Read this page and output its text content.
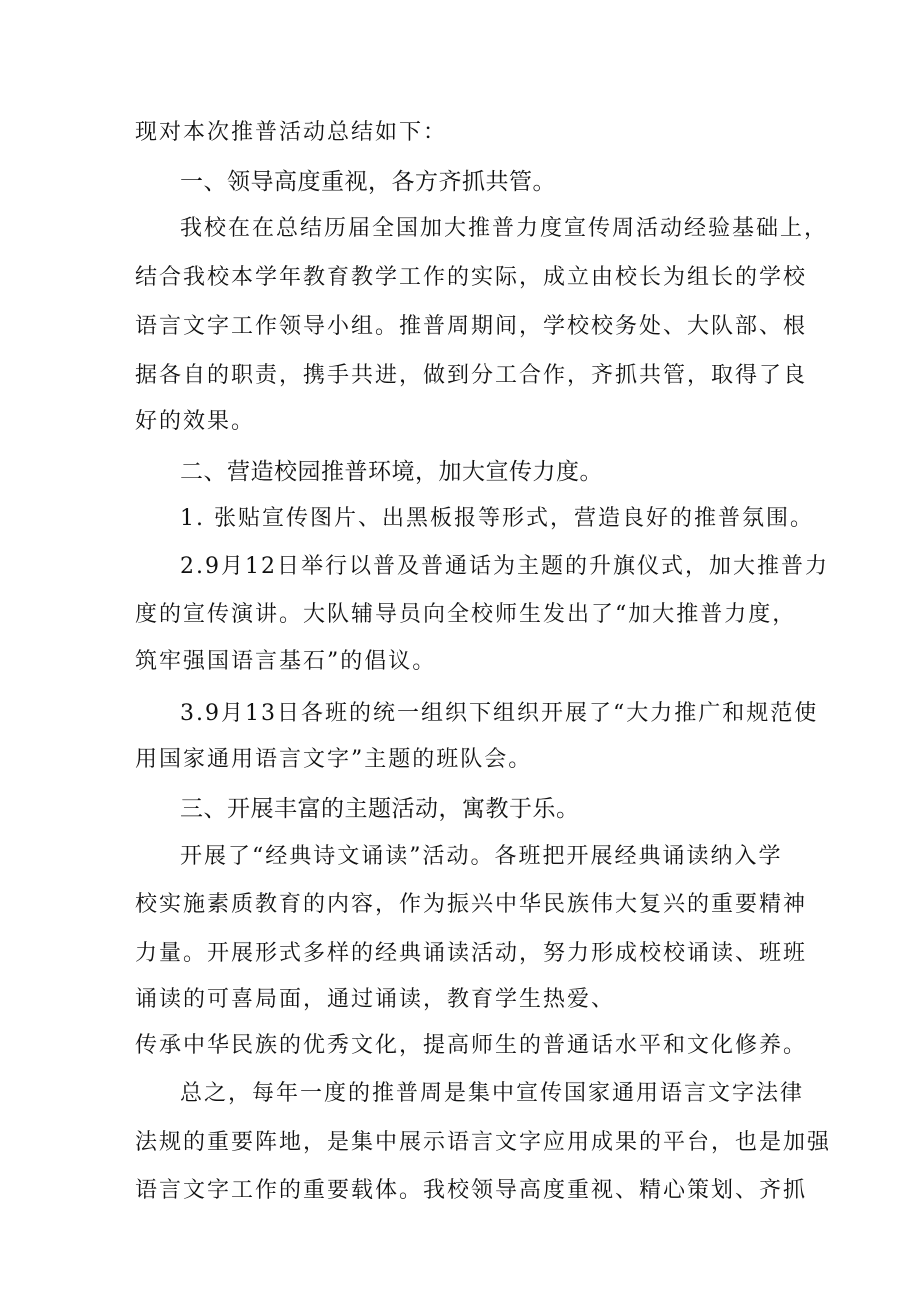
现对本次推普活动总结如下：
一、领导高度重视，各方齐抓共管。
我校在在总结历届全国加大推普力度宣传周活动经验基础上，
结合我校本学年教育教学工作的实际，成立由校长为组长的学校
语言文字工作领导小组。推普周期间，学校校务处、大队部、根
据各自的职责，携手共进，做到分工合作，齐抓共管，取得了良
好的效果。
二、营造校园推普环境，加大宣传力度。
1. 张贴宣传图片、出黑板报等形式，营造良好的推普氛围。
2.9月12日举行以普及普通话为主题的升旗仪式，加大推普力
度的宣传演讲。大队辅导员向全校师生发出了“加大推普力度，
筑牢强国语言基石”的倡议。
3.9月13日各班的统一组织下组织开展了“大力推广和规范使
用国家通用语言文字”主题的班队会。
三、开展丰富的主题活动，寓教于乐。
开展了“经典诗文诵读”活动。各班把开展经典诵读纳入学
校实施素质教育的内容，作为振兴中华民族伟大复兴的重要精神
力量。开展形式多样的经典诵读活动，努力形成校校诵读、班班
诵读的可喜局面，通过诵读，教育学生热爱、
传承中华民族的优秀文化，提高师生的普通话水平和文化修养。
总之，每年一度的推普周是集中宣传国家通用语言文字法律
法规的重要阵地，是集中展示语言文字应用成果的平台，也是加强
语言文字工作的重要载体。我校领导高度重视、精心策划、齐抓
